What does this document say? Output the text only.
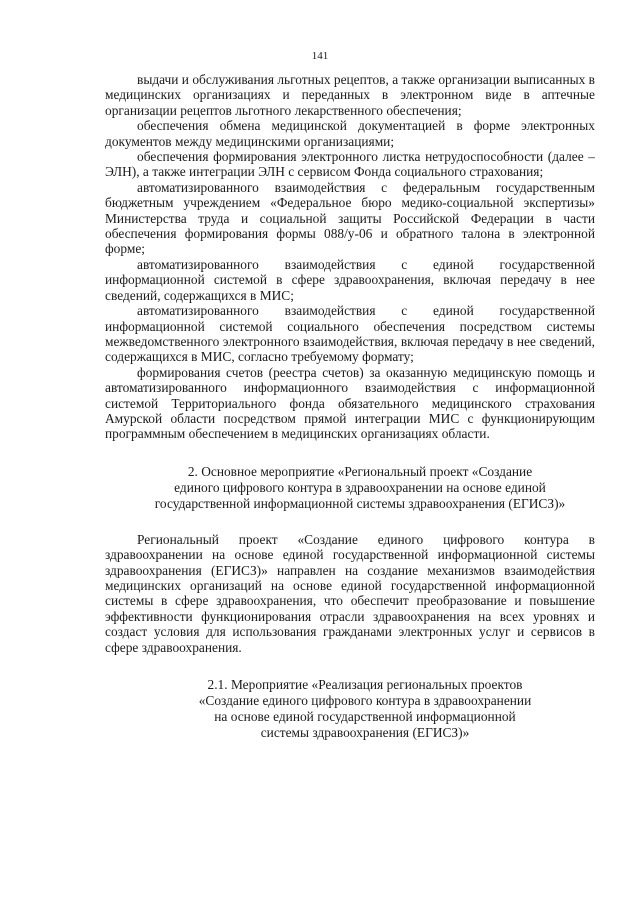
141

выдачи и обслуживания льготных рецептов, а также организации выписанных в медицинских организациях и переданных в электронном виде в аптечные организации рецептов льготного лекарственного обеспечения;

обеспечения обмена медицинской документацией в форме электронных документов между медицинскими организациями;

обеспечения формирования электронного листка нетрудоспособности (далее – ЭЛН), а также интеграции ЭЛН с сервисом Фонда социального страхования;

автоматизированного взаимодействия с федеральным государственным бюджетным учреждением «Федеральное бюро медико-социальной экспертизы» Министерства труда и социальной защиты Российской Федерации в части обеспечения формирования формы 088/у-06 и обратного талона в электронной форме;

автоматизированного взаимодействия с единой государственной информационной системой в сфере здравоохранения, включая передачу в нее сведений, содержащихся в МИС;

автоматизированного взаимодействия с единой государственной информационной системой социального обеспечения посредством системы межведомственного электронного взаимодействия, включая передачу в нее сведений, содержащихся в МИС, согласно требуемому формату;

формирования счетов (реестра счетов) за оказанную медицинскую помощь и автоматизированного информационного взаимодействия с информационной системой Территориального фонда обязательного медицинского страхования Амурской области посредством прямой интеграции МИС с функционирующим программным обеспечением в медицинских организациях области.

2. Основное мероприятие «Региональный проект «Создание
единого цифрового контура в здравоохранении на основе единой
государственной информационной системы здравоохранения (ЕГИСЗ)»

Региональный проект «Создание единого цифрового контура в здравоохранении на основе единой государственной информационной системы здравоохранения (ЕГИСЗ)» направлен на создание механизмов взаимодействия медицинских организаций на основе единой государственной информационной системы в сфере здравоохранения, что обеспечит преобразование и повышение эффективности функционирования отрасли здравоохранения на всех уровнях и создаст условия для использования гражданами электронных услуг и сервисов в сфере здравоохранения.

2.1. Мероприятие «Реализация региональных проектов
«Создание единого цифрового контура в здравоохранении
на основе единой государственной информационной
системы здравоохранения (ЕГИСЗ)»
